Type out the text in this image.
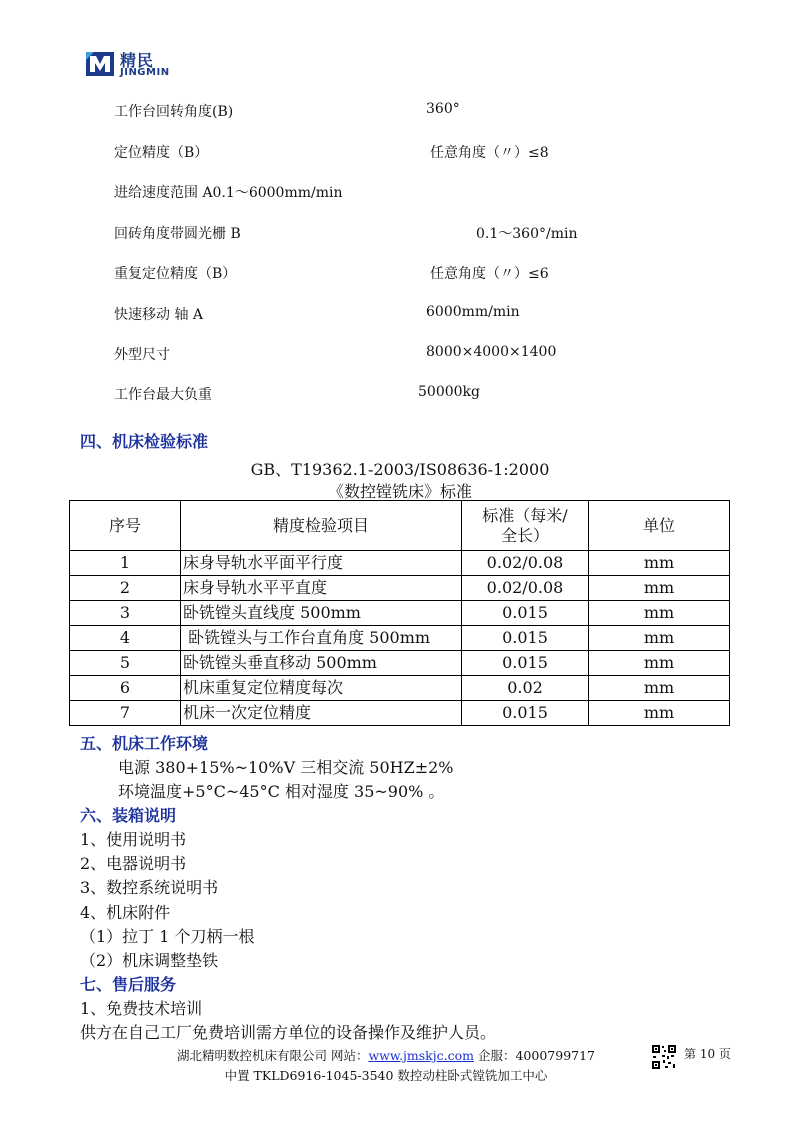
精民
JINGMIN
工作台回转角度(B)	360°
定位精度（B）	任意角度（〃）≤8
进给速度范围 A0.1～6000mm/min
回砖角度带圆光栅 B	0.1～360°/min
重复定位精度（B）	任意角度（〃）≤6
快速移动 轴 A	6000mm/min
外型尺寸	8000×4000×1400
工作台最大负重	50000kg
四、机床检验标准
GB、T19362.1-2003/IS08636-1:2000
《数控镗铣床》标准
序号	精度检验项目	标准（每米/
全长）	单位
1	床身导轨水平面平行度	0.02/0.08	mm
2	床身导轨水平平直度	0.02/0.08	mm
3	卧铣镗头直线度 500mm	0.015	mm
4	卧铣镗头与工作台直角度 500mm	0.015	mm
5	卧铣镗头垂直移动 500mm	0.015	mm
6	机床重复定位精度每次	0.02	mm
7	机床一次定位精度	0.015	mm
五、机床工作环境
电源 380+15%~10%V 三相交流 50HZ±2%
环境温度+5°C~45°C 相对湿度 35~90% 。
六、装箱说明
1、使用说明书
2、电器说明书
3、数控系统说明书
4、机床附件
（1）拉丁 1 个刀柄一根
（2）机床调整垫铁
七、售后服务
1、免费技术培训
供方在自己工厂免费培训需方单位的设备操作及维护人员。
湖北精明数控机床有限公司 网站：www.jmskjc.com 企服：4000799717
中置 TKLD6916-1045-3540 数控动柱卧式镗铣加工中心
第 10 页
